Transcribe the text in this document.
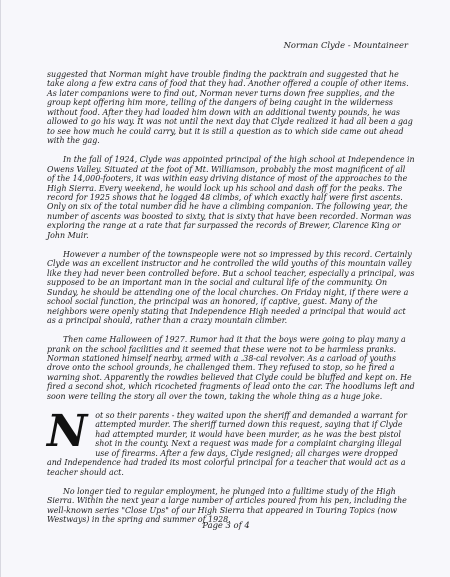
Norman Clyde - Mountaineer

suggested that Norman might have trouble finding the packtrain and suggested that he take along a few extra cans of food that they had. Another offered a couple of other items. As later companions were to find out, Norman never turns down free supplies, and the group kept offering him more, telling of the dangers of being caught in the wilderness without food. After they had loaded him down with an additional twenty pounds, he was allowed to go his way. It was not until the next day that Clyde realized it had all been a gag to see how much he could carry, but it is still a question as to which side came out ahead with the gag.

In the fall of 1924, Clyde was appointed principal of the high school at Independence in Owens Valley. Situated at the foot of Mt. Williamson, probably the most magnificent of all of the 14,000-footers, it was within easy driving distance of most of the approaches to the High Sierra. Every weekend, he would lock up his school and dash off for the peaks. The record for 1925 shows that he logged 48 climbs, of which exactly half were first ascents. Only on six of the total number did he have a climbing companion. The following year, the number of ascents was boosted to sixty, that is sixty that have been recorded. Norman was exploring the range at a rate that far surpassed the records of Brewer, Clarence King or John Muir.

However a number of the townspeople were not so impressed by this record. Certainly Clyde was an excellent instructor and he controlled the wild youths of this mountain valley like they had never been controlled before. But a school teacher, especially a principal, was supposed to be an important man in the social and cultural life of the community. On Sunday, he should be attending one of the local churches. On Friday night, if there were a school social function, the principal was an honored, if captive, guest. Many of the neighbors were openly stating that Independence High needed a principal that would act as a principal should, rather than a crazy mountain climber.

Then came Halloween of 1927. Rumor had it that the boys were going to play many a prank on the school facilities and it seemed that these were not to be harmless pranks. Norman stationed himself nearby, armed with a .38-cal revolver. As a carload of youths drove onto the school grounds, he challenged them. They refused to stop, so he fired a warning shot. Apparently the rowdies believed that Clyde could be bluffed and kept on. He fired a second shot, which ricocheted fragments of lead onto the car. The hoodlums left and soon were telling the story all over the town, taking the whole thing as a huge joke.

N ot so their parents - they waited upon the sheriff and demanded a warrant for attempted murder. The sheriff turned down this request, saying that if Clyde had attempted murder, it would have been murder, as he was the best pistol shot in the county. Next a request was made for a complaint charging illegal use of firearms. After a few days, Clyde resigned; all charges were dropped and Independence had traded its most colorful principal for a teacher that would act as a teacher should act.

No longer tied to regular employment, he plunged into a fulltime study of the High Sierra. Within the next year a large number of articles poured from his pen, including the well-known series "Close Ups" of our High Sierra that appeared in Touring Topics (now Westways) in the spring and summer of 1928.

Page 3 of 4
